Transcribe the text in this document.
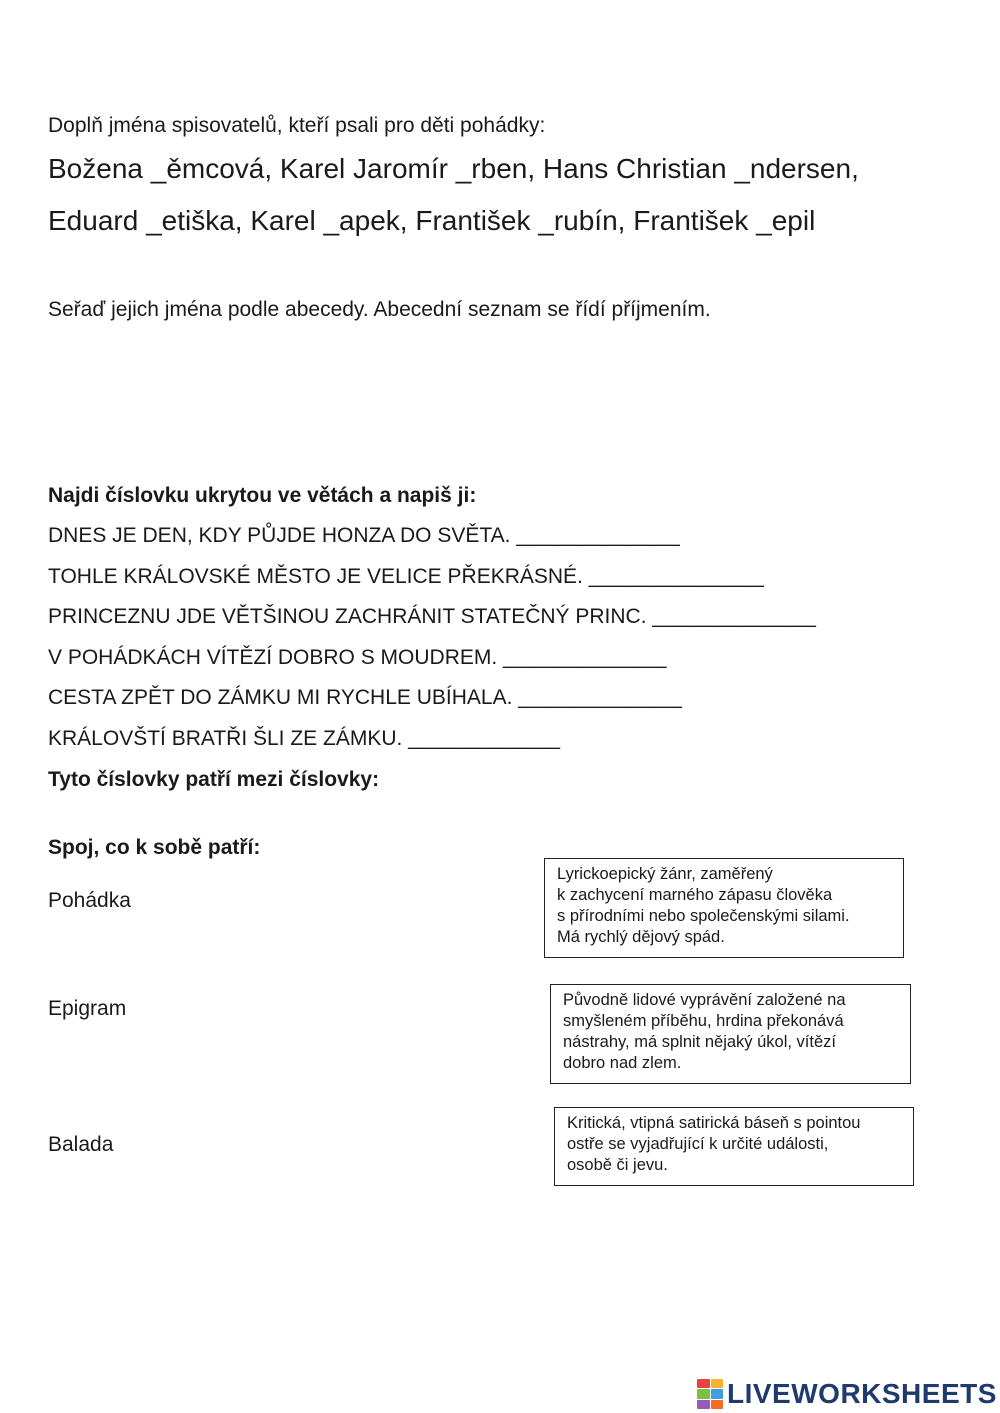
Doplň jména spisovatelů, kteří psali pro děti pohádky:
Božena _ěmcová, Karel Jaromír _rben, Hans Christian _ndersen,
Eduard _etiška, Karel _apek, František _rubín, František _epil
Seřaď jejich jména podle abecedy. Abecední seznam se řídí příjmením.
Najdi číslovku ukrytou ve větách a napiš ji:
DNES JE DEN, KDY PŮJDE HONZA DO SVĚTA. ______________
TOHLE KRÁLOVSKÉ MĚSTO JE VELICE PŘEKRÁSNÉ. _______________
PRINCEZNU JDE VĚTŠINOU ZACHRÁNIT STATEČNÝ PRINC. ______________
V POHÁDKÁCH VÍTĚZÍ DOBRO S MOUDREM. ______________
CESTA ZPĚT DO ZÁMKU MI RYCHLE UBÍHALA. ______________
KRÁLOVŠTÍ BRATŘI ŠLI ZE ZÁMKU. _____________
Tyto číslovky patří mezi číslovky:
Spoj, co k sobě patří:
Pohádka
Epigram
Balada
Lyrickoepický žánr, zaměřený
k zachycení marného zápasu člověka
s přírodními nebo společenskými silami.
Má rychlý dějový spád.
Původně lidové vyprávění založené na
smyšleném příběhu, hrdina překonává
nástrahy, má splnit nějaký úkol, vítězí
dobro nad zlem.
Kritická, vtipná satirická báseň s pointou
ostře se vyjadřující k určité události,
osobě či jevu.
LIVEWORKSHEETS
